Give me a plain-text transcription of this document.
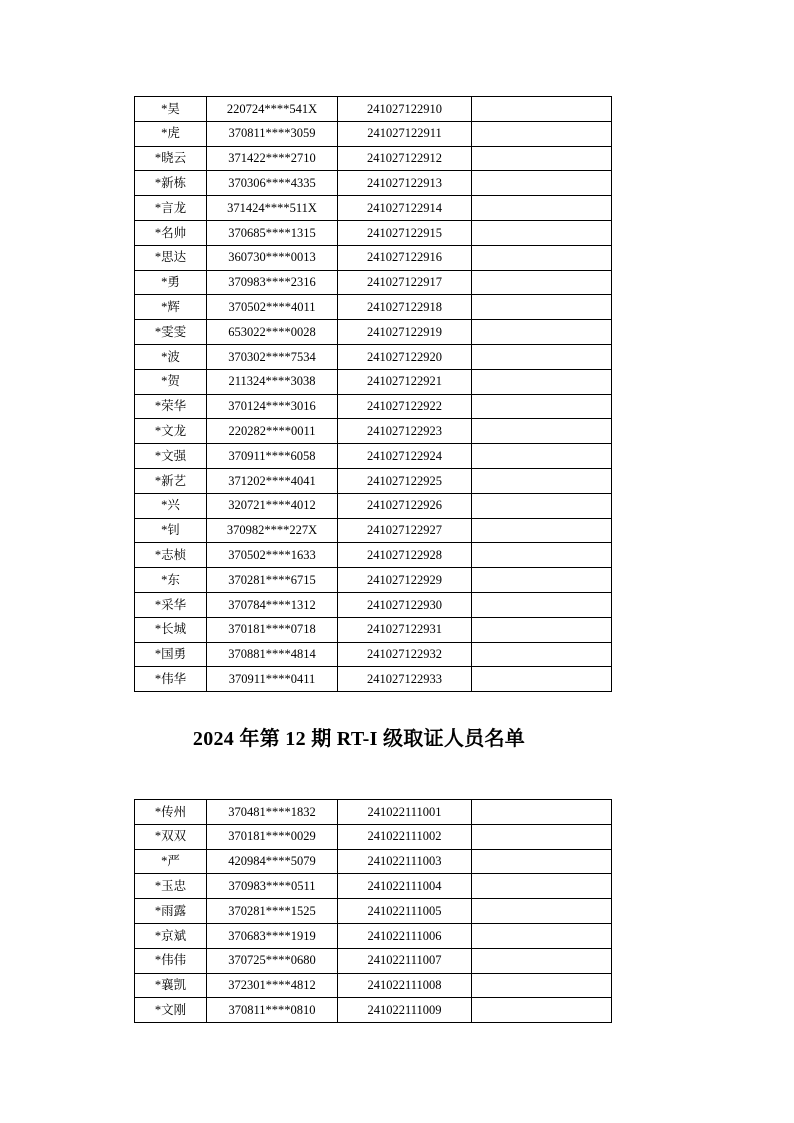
*昊	220724****541X	241027122910	
*虎	370811****3059	241027122911	
*晓云	371422****2710	241027122912	
*新栋	370306****4335	241027122913	
*言龙	371424****511X	241027122914	
*名帅	370685****1315	241027122915	
*思达	360730****0013	241027122916	
*勇	370983****2316	241027122917	
*辉	370502****4011	241027122918	
*雯雯	653022****0028	241027122919	
*波	370302****7534	241027122920	
*贺	211324****3038	241027122921	
*荣华	370124****3016	241027122922	
*文龙	220282****0011	241027122923	
*文强	370911****6058	241027122924	
*新艺	371202****4041	241027122925	
*兴	320721****4012	241027122926	
*钊	370982****227X	241027122927	
*志桢	370502****1633	241027122928	
*东	370281****6715	241027122929	
*采华	370784****1312	241027122930	
*长城	370181****0718	241027122931	
*国勇	370881****4814	241027122932	
*伟华	370911****0411	241027122933	
2024 年第 12 期 RT-I 级取证人员名单
*传州	370481****1832	241022111001	
*双双	370181****0029	241022111002	
*严	420984****5079	241022111003	
*玉忠	370983****0511	241022111004	
*雨露	370281****1525	241022111005	
*京斌	370683****1919	241022111006	
*伟伟	370725****0680	241022111007	
*襄凯	372301****4812	241022111008	
*文刚	370811****0810	241022111009	
